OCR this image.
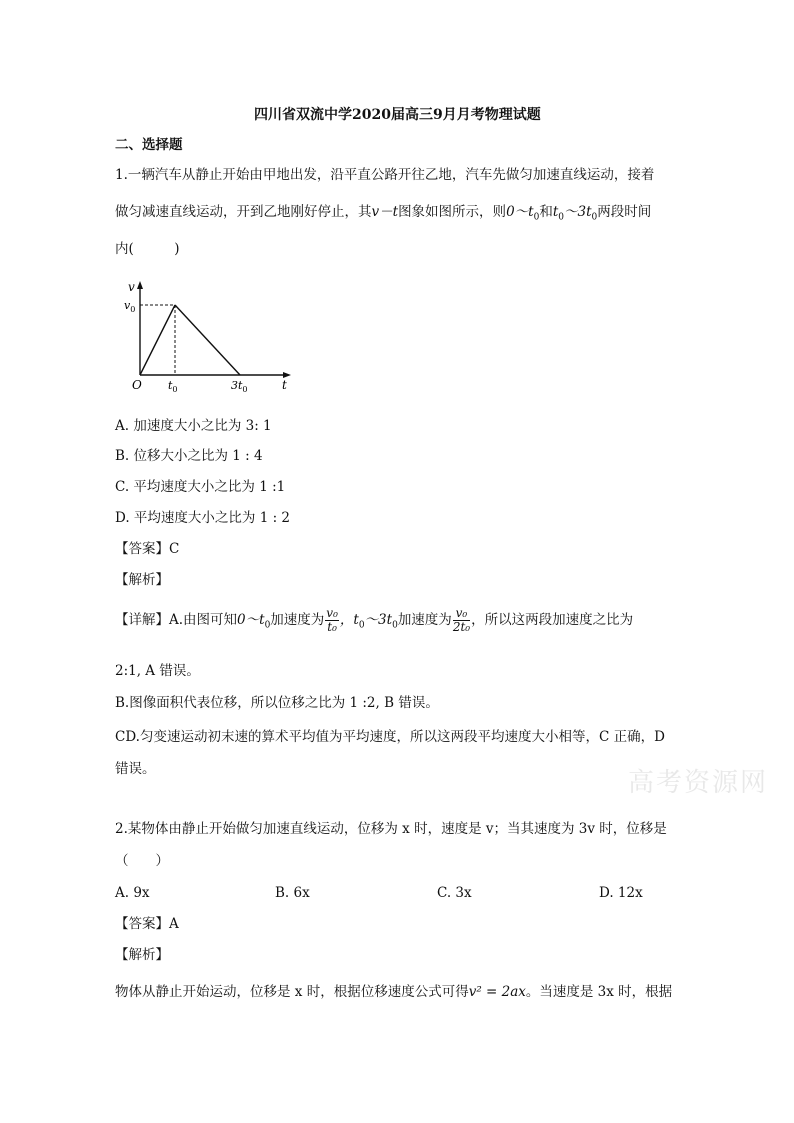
四川省双流中学2020届高三9月月考物理试题
二、选择题
1.一辆汽车从静止开始由甲地出发，沿平直公路开往乙地，汽车先做匀加速直线运动，接着
做匀减速直线运动，开到乙地刚好停止，其v－t图象如图所示，则$0\sim t_0$和$t_0\sim 3t_0$两段时间
内(　　　)
v
$v_0$
O $t_0$	$3t_0$	t
A. 加速度大小之比为 3: 1
B. 位移大小之比为 1 : 4
C. 平均速度大小之比为 1 :1
D. 平均速度大小之比为 1 : 2
【答案】C
【解析】
【详解】A.由图可知$0\sim t_0$加速度为 $\frac{\text{v₀}}{\text{t₀}}$ ，$t_0\sim 3t_0$加速度为 $\frac{\text{v₀}}{\text{2t₀}}$ ，所以这两段加速度之比为
2:1, A 错误。
B.图像面积代表位移，所以位移之比为 1 :2, B 错误。
CD.匀变速运动初末速的算术平均值为平均速度，所以这两段平均速度大小相等，C 正确，D
错误。	高考资源网
2.某物体由静止开始做匀加速直线运动，位移为 x 时，速度是 v；当其速度为 3v 时，位移是
（　　）
A. 9x	B. 6x	C. 3x	D. 12x
【答案】A
【解析】
物体从静止开始运动，位移是 x 时，根据位移速度公式可得v² = 2ax。当速度是 3x 时，根据
